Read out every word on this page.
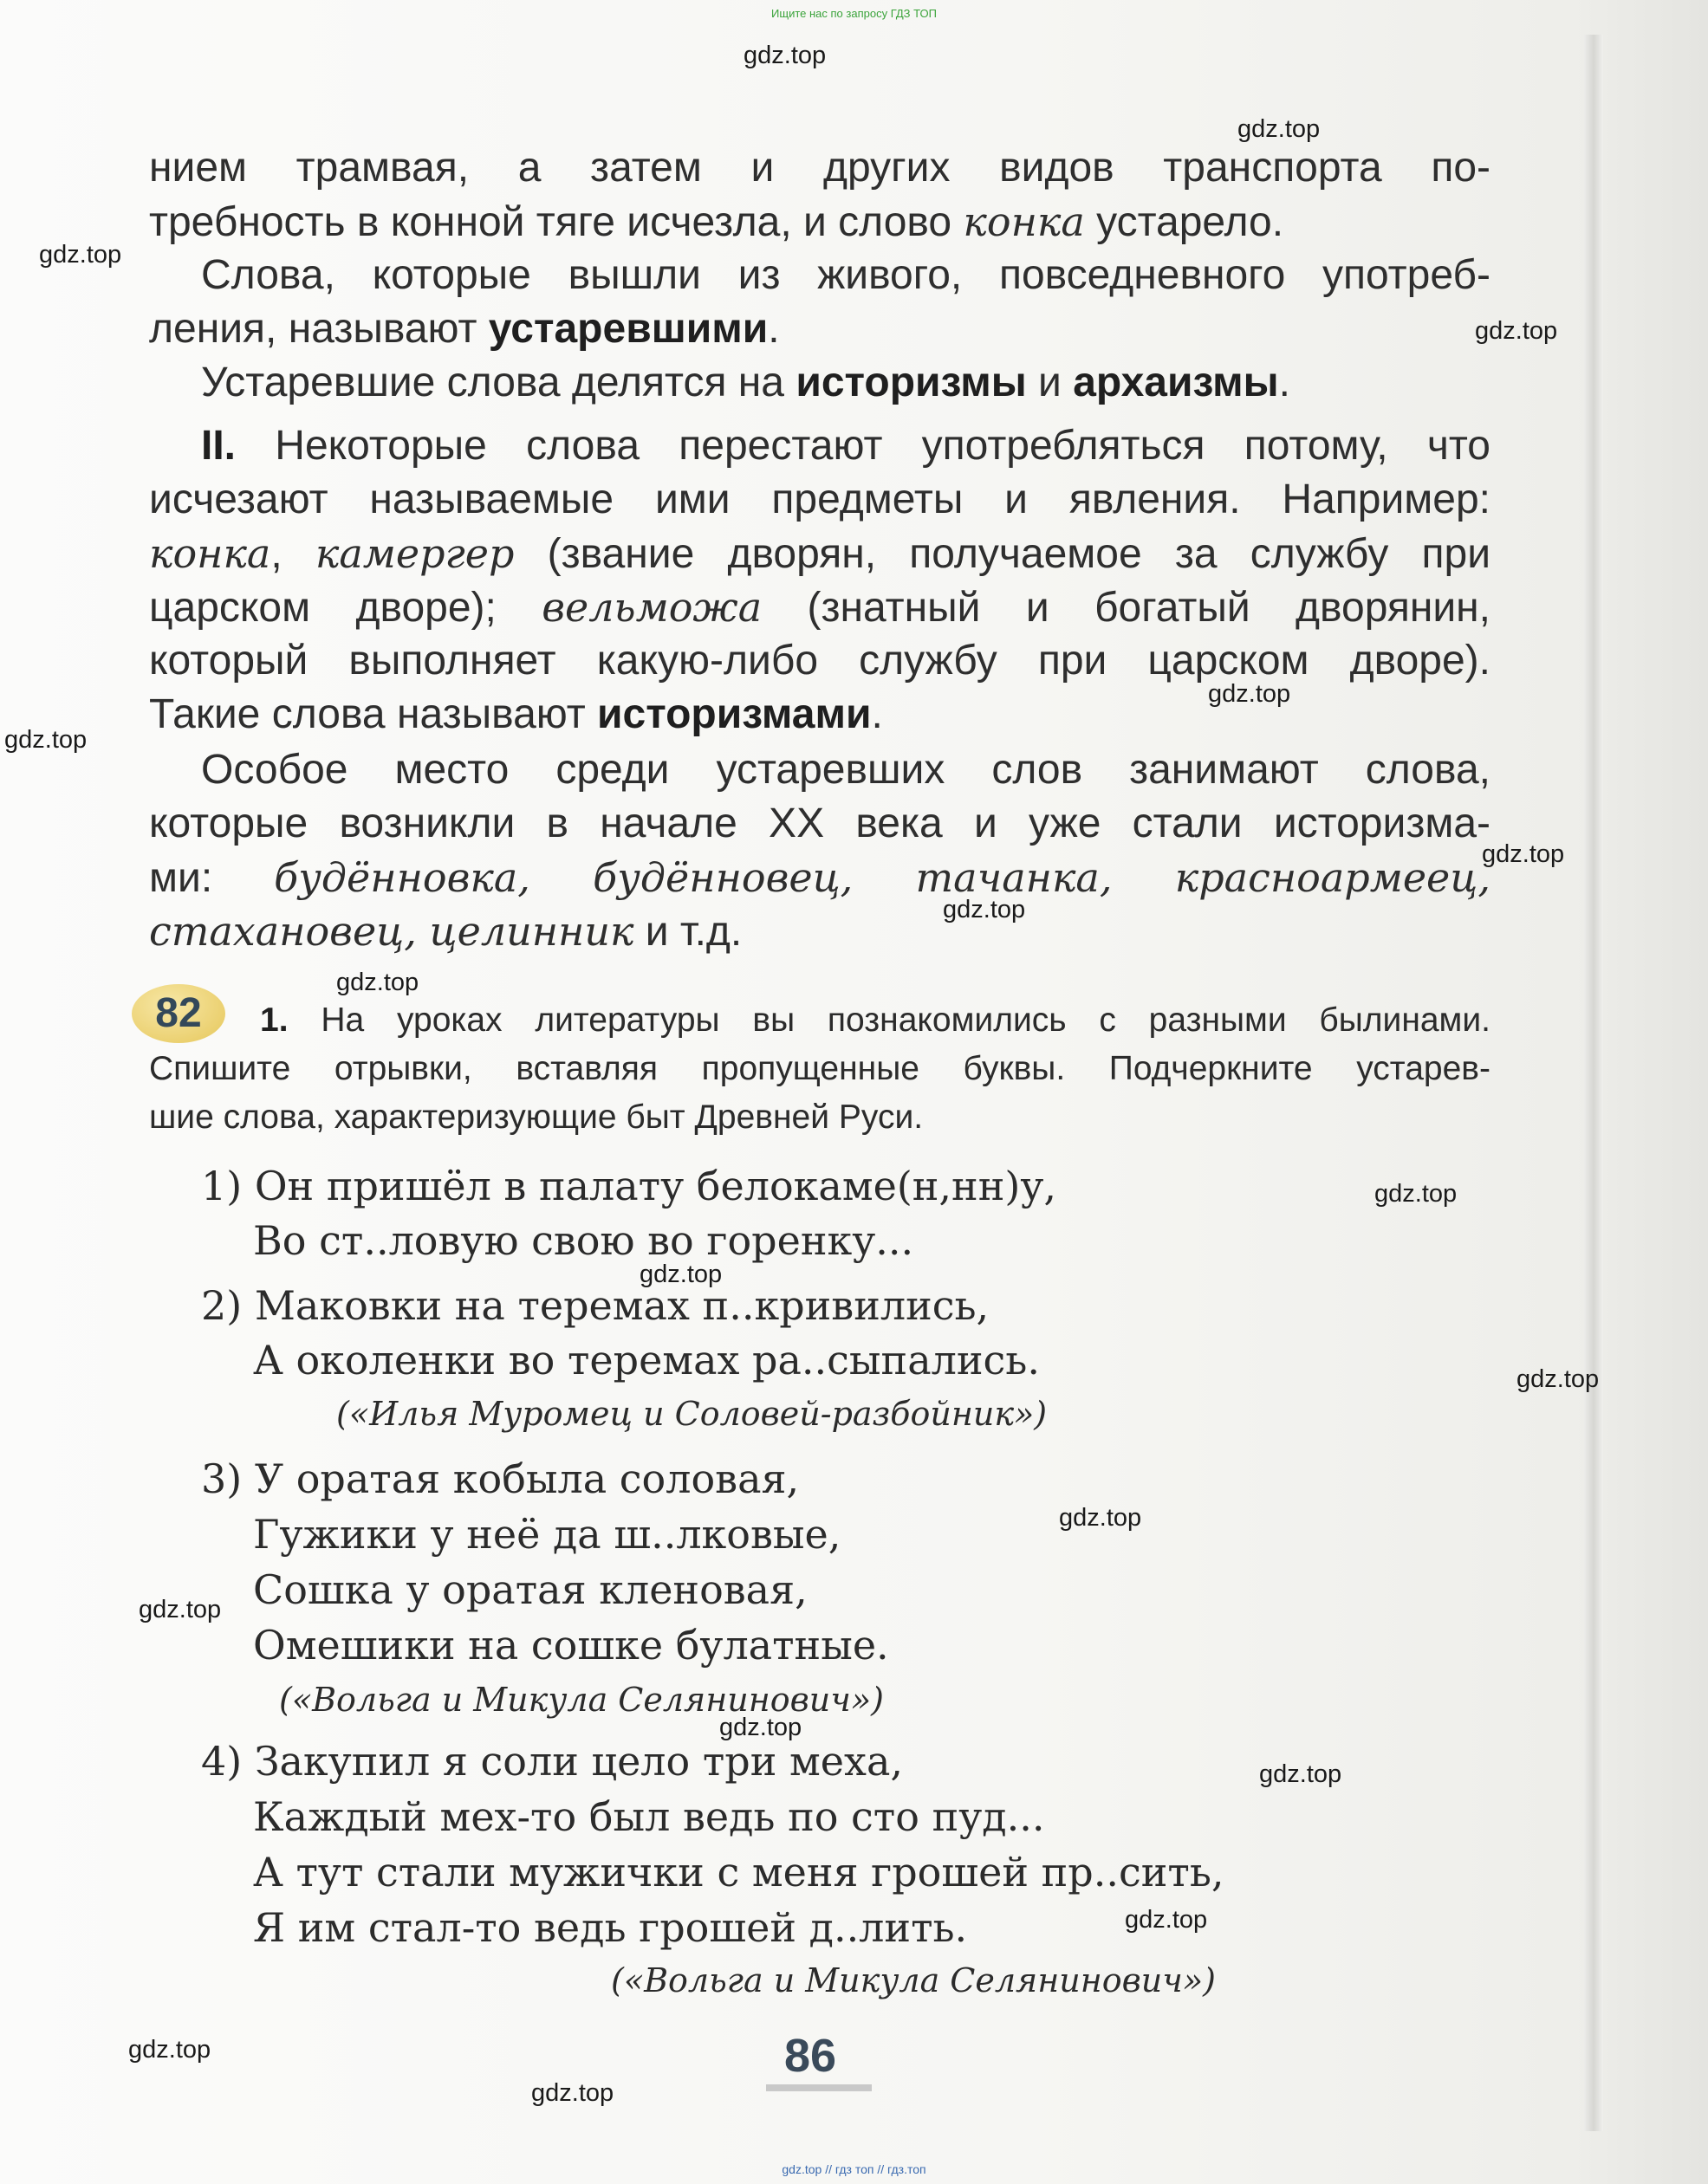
Ищите нас по запросу ГДЗ ТОП
gdz.top
gdz.top
gdz.top
gdz.top
gdz.top
gdz.top
gdz.top
gdz.top
gdz.top
gdz.top
gdz.top
gdz.top
gdz.top
gdz.top
gdz.top
gdz.top
gdz.top
gdz.top
gdz.top

нием трамвая, а затем и других видов транспорта по-

требность в конной тяге исчезла, и слово конка устарело.

Слова, которые вышли из живого, повседневного употреб-

ления, называют устаревшими.

Устаревшие слова делятся на историзмы и архаизмы.

II. Некоторые слова перестают употребляться потому, что

исчезают называемые ими предметы и явления. Например:

конка, камергер (звание дворян, получаемое за службу при

царском дворе); вельможа (знатный и богатый дворянин,

который выполняет какую-либо службу при царском дворе).

Такие слова называют историзмами.

Особое место среди устаревших слов занимают слова,

которые возникли в начале XX века и уже стали историзма-

ми: будённовка, будённовец, тачанка, красноармеец,

стахановец, целинник и т.д.

82	1. На уроках литературы вы познакомились с разными былинами.

Спишите отрывки, вставляя пропущенные буквы. Подчеркните устарев-

шие слова, характеризующие быт Древней Руси.

1) Он пришёл в палату белокаме(н,нн)у,
Во ст..ловую свою во горенку...
2) Маковки на теремах п..кривились,
А околенки во теремах ра..сыпались.
(«Илья Муромец и Соловей-разбойник»)
3) У оратая кобыла соловая,
Гужики у неё да ш..лковые,
Сошка у оратая кленовая,
Омешики на сошке булатные.
(«Вольга и Микула Селянинович»)
4) Закупил я соли цело три меха,
Каждый мех-то был ведь по сто пуд...
А тут стали мужички с меня грошей пр..сить,
Я им стал-то ведь грошей д..лить.
(«Вольга и Микула Селянинович»)
86
gdz.top // гдз топ // гдз.топ
